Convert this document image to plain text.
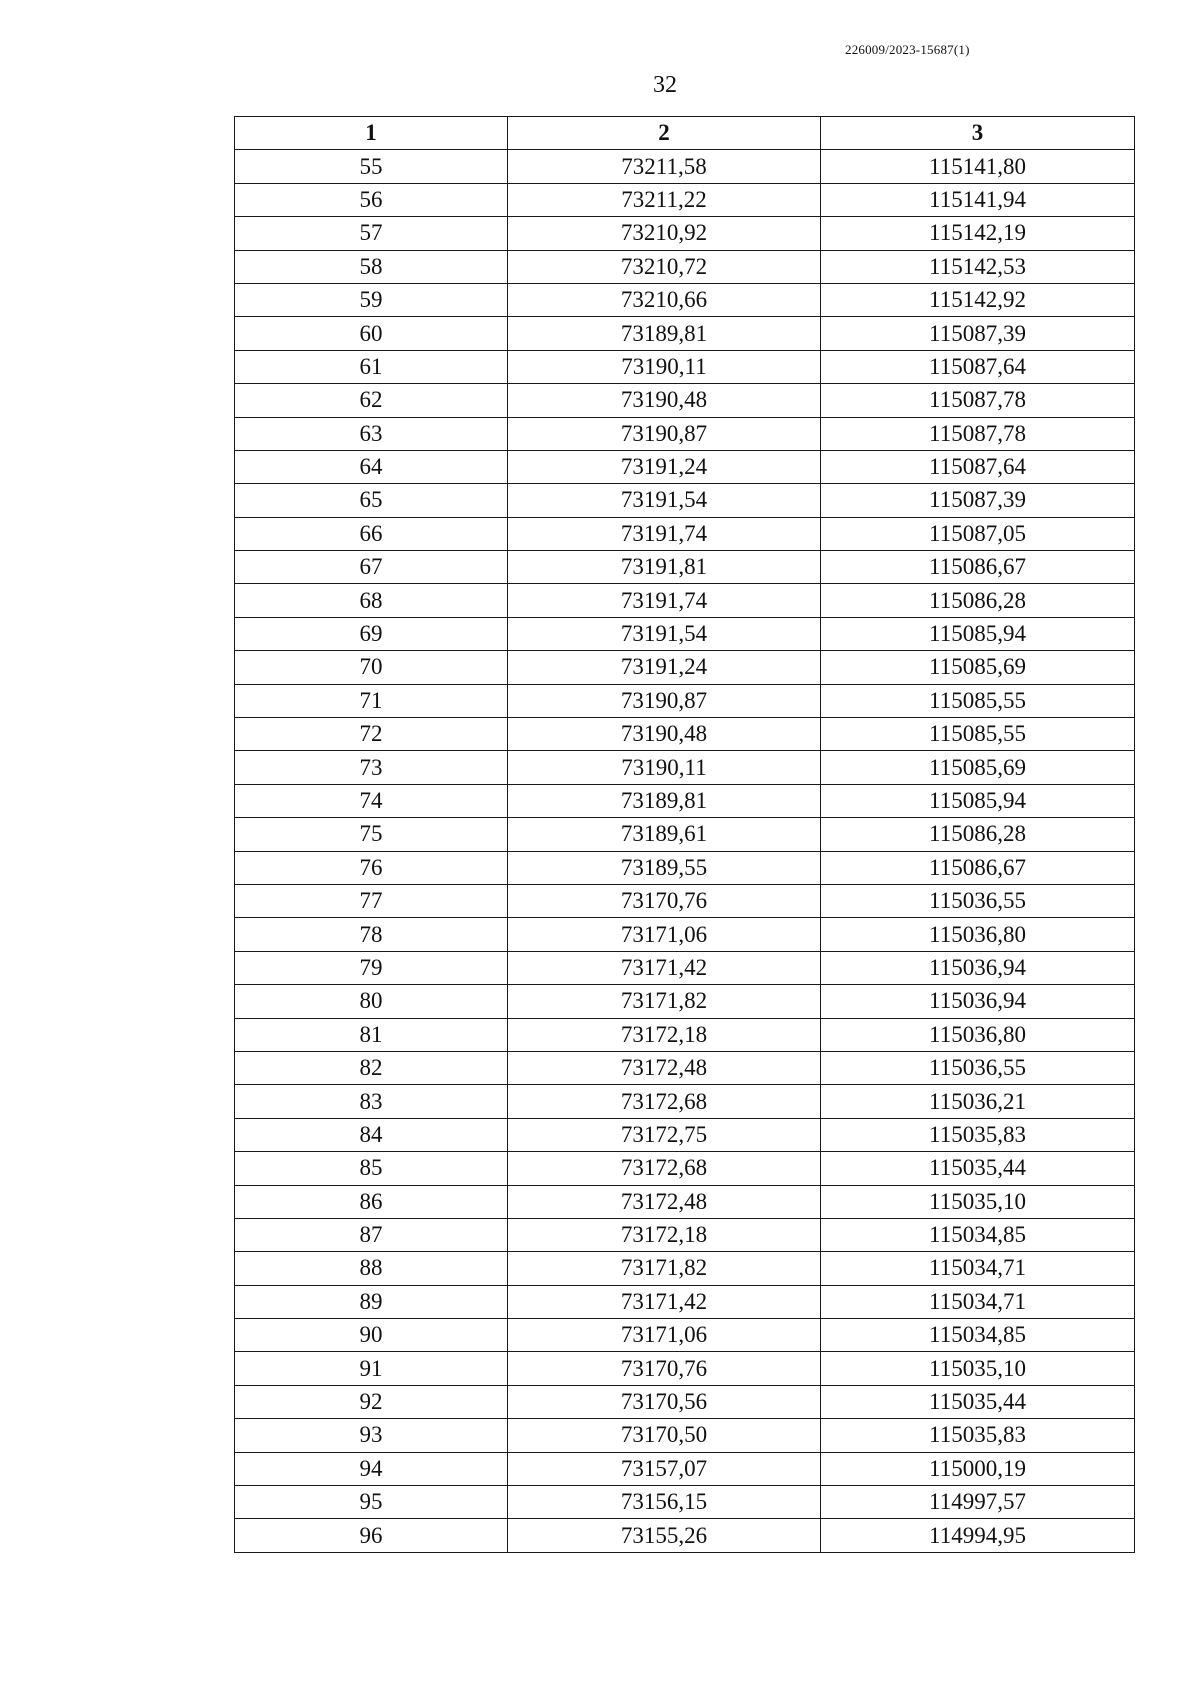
226009/2023-15687(1)
32
1	2	3
55	73211,58	115141,80
56	73211,22	115141,94
57	73210,92	115142,19
58	73210,72	115142,53
59	73210,66	115142,92
60	73189,81	115087,39
61	73190,11	115087,64
62	73190,48	115087,78
63	73190,87	115087,78
64	73191,24	115087,64
65	73191,54	115087,39
66	73191,74	115087,05
67	73191,81	115086,67
68	73191,74	115086,28
69	73191,54	115085,94
70	73191,24	115085,69
71	73190,87	115085,55
72	73190,48	115085,55
73	73190,11	115085,69
74	73189,81	115085,94
75	73189,61	115086,28
76	73189,55	115086,67
77	73170,76	115036,55
78	73171,06	115036,80
79	73171,42	115036,94
80	73171,82	115036,94
81	73172,18	115036,80
82	73172,48	115036,55
83	73172,68	115036,21
84	73172,75	115035,83
85	73172,68	115035,44
86	73172,48	115035,10
87	73172,18	115034,85
88	73171,82	115034,71
89	73171,42	115034,71
90	73171,06	115034,85
91	73170,76	115035,10
92	73170,56	115035,44
93	73170,50	115035,83
94	73157,07	115000,19
95	73156,15	114997,57
96	73155,26	114994,95
